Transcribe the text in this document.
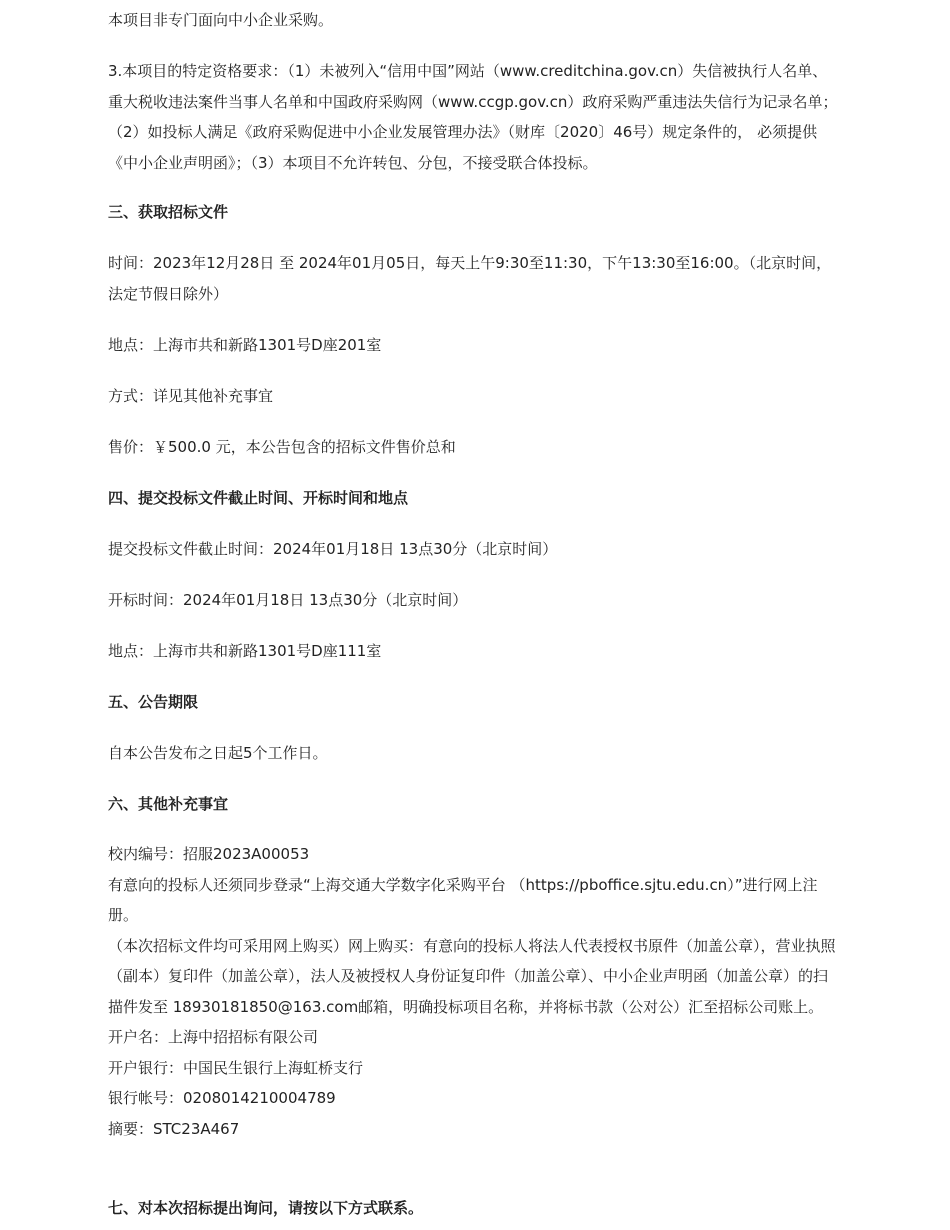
本项目非专门面向中小企业采购。

3.本项目的特定资格要求：（1）未被列入“信用中国”网站（www.creditchina.gov.cn）失信被执行人名单、重大税收违法案件当事人名单和中国政府采购网（www.ccgp.gov.cn）政府采购严重违法失信行为记录名单；（2）如投标人满足《政府采购促进中小企业发展管理办法》（财库〔2020〕46号）规定条件的， 必须提供《中小企业声明函》；（3）本项目不允许转包、分包，不接受联合体投标。

三、获取招标文件

时间：2023年12月28日 至 2024年01月05日，每天上午9:30至11:30，下午13:30至16:00。（北京时间，法定节假日除外）

地点：上海市共和新路1301号D座201室

方式：详见其他补充事宜

售价：￥500.0 元，本公告包含的招标文件售价总和

四、提交投标文件截止时间、开标时间和地点

提交投标文件截止时间：2024年01月18日 13点30分（北京时间）

开标时间：2024年01月18日 13点30分（北京时间）

地点：上海市共和新路1301号D座111室

五、公告期限

自本公告发布之日起5个工作日。

六、其他补充事宜

校内编号：招服2023A00053
有意向的投标人还须同步登录“上海交通大学数字化采购平台 （https://pboffice.sjtu.edu.cn）”进行网上注册。
（本次招标文件均可采用网上购买）网上购买：有意向的投标人将法人代表授权书原件（加盖公章），营业执照（副本）复印件（加盖公章），法人及被授权人身份证复印件（加盖公章）、中小企业声明函（加盖公章）的扫描件发至 18930181850@163.com邮箱，明确投标项目名称，并将标书款（公对公）汇至招标公司账上。
开户名：上海中招招标有限公司
开户银行：中国民生银行上海虹桥支行
银行帐号：0208014210004789
摘要：STC23A467

七、对本次招标提出询问，请按以下方式联系。
